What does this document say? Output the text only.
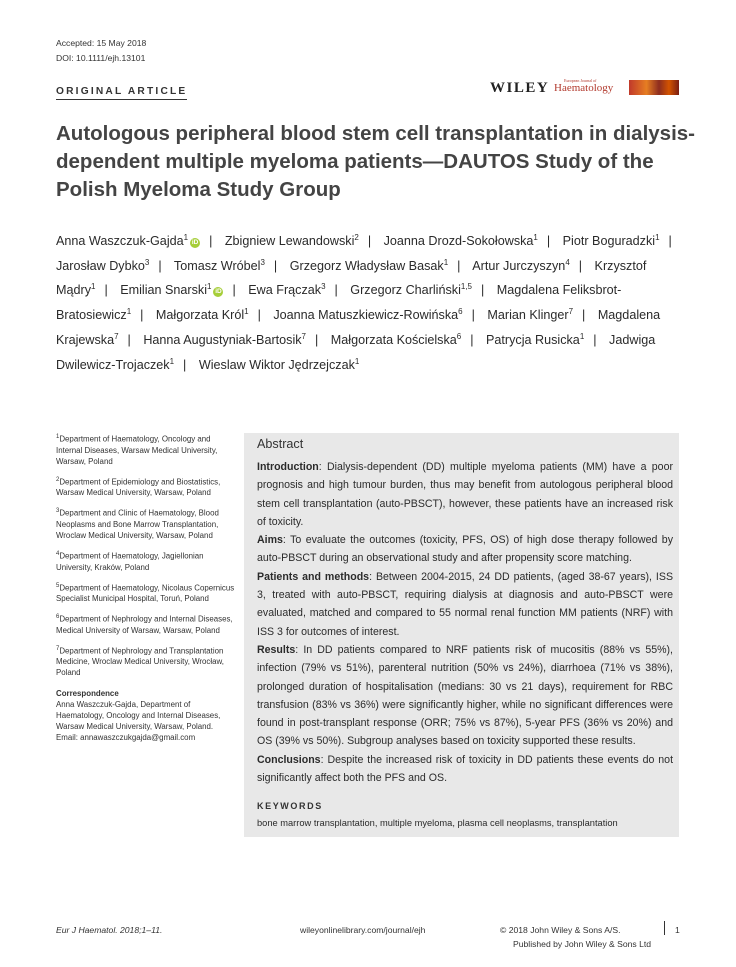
Accepted: 15 May 2018
DOI: 10.1111/ejh.13101
ORIGINAL ARTICLE	WILEY	European Journal of
Haematology
Autologous peripheral blood stem cell transplantation in dialysis-dependent multiple myeloma patients—DAUTOS Study of the Polish Myeloma Study Group
Anna Waszczuk-Gajda$^1$iD | Zbigniew Lewandowski$^2$ | Joanna Drozd-Sokołowska$^1$ | Piotr Boguradzki$^1$ | Jarosław Dybko$^3$ | Tomasz Wróbel$^3$ | Grzegorz Władysław Basak$^1$ | Artur Jurczyszyn$^4$ | Krzysztof Mądry$^1$ | Emilian Snarski$^1$iD | Ewa Frączak$^3$ | Grzegorz Charliński$^{1,5}$ | Magdalena Feliksbrot-Bratosiewicz$^1$ | Małgorzata Król$^1$ | Joanna Matuszkiewicz-Rowińska$^6$ | Marian Klinger$^7$ | Magdalena Krajewska$^7$ | Hanna Augustyniak-Bartosik$^7$ | Małgorzata Kościelska$^6$ | Patrycja Rusicka$^1$ | Jadwiga Dwilewicz-Trojaczek$^1$ | Wieslaw Wiktor Jędrzejczak$^1$
$^1$Department of Haematology, Oncology and Internal Diseases, Warsaw Medical University, Warsaw, Poland
$^2$Department of Epidemiology and Biostatistics, Warsaw Medical University, Warsaw, Poland
$^3$Department and Clinic of Haematology, Blood Neoplasms and Bone Marrow Transplantation, Wroclaw Medical University, Warsaw, Poland
$^4$Department of Haematology, Jagiellonian University, Kraków, Poland
$^5$Department of Haematology, Nicolaus Copernicus Specialist Municipal Hospital, Toruń, Poland
$^6$Department of Nephrology and Internal Diseases, Medical University of Warsaw, Warsaw, Poland
$^7$Department of Nephrology and Transplantation Medicine, Wroclaw Medical University, Wrocław, Poland
Correspondence
Anna Waszczuk-Gajda, Department of Haematology, Oncology and Internal Diseases, Warsaw Medical University, Warsaw, Poland.
Email: annawaszczukgajda@gmail.com
Abstract

Introduction: Dialysis-dependent (DD) multiple myeloma patients (MM) have a poor prognosis and high tumour burden, thus may benefit from autologous peripheral blood stem cell transplantation (auto-PBSCT), however, these patients have an increased risk of toxicity.

Aims: To evaluate the outcomes (toxicity, PFS, OS) of high dose therapy followed by auto-PBSCT during an observational study and after propensity score matching.

Patients and methods: Between 2004-2015, 24 DD patients, (aged 38-67 years), ISS 3, treated with auto-PBSCT, requiring dialysis at diagnosis and auto-PBSCT were evaluated, matched and compared to 55 normal renal function MM patients (NRF) with ISS 3 for outcomes of interest.

Results: In DD patients compared to NRF patients risk of mucositis (88% vs 55%), infection (79% vs 51%), parenteral nutrition (50% vs 24%), diarrhoea (71% vs 38%), prolonged duration of hospitalisation (medians: 30 vs 21 days), requirement for RBC transfusion (83% vs 36%) were significantly higher, while no significant differences were found in post-transplant response (ORR; 75% vs 87%), 5-year PFS (36% vs 20%) and OS (39% vs 50%). Subgroup analyses based on toxicity supported these results.

Conclusions: Despite the increased risk of toxicity in DD patients these events do not significantly affect both the PFS and OS.

KEYWORDS
bone marrow transplantation, multiple myeloma, plasma cell neoplasms, transplantation
Eur J Haematol. 2018;1–11.	wileyonlinelibrary.com/journal/ejh	© 2018 John Wiley & Sons A/S.	1
Published by John Wiley & Sons Ltd
